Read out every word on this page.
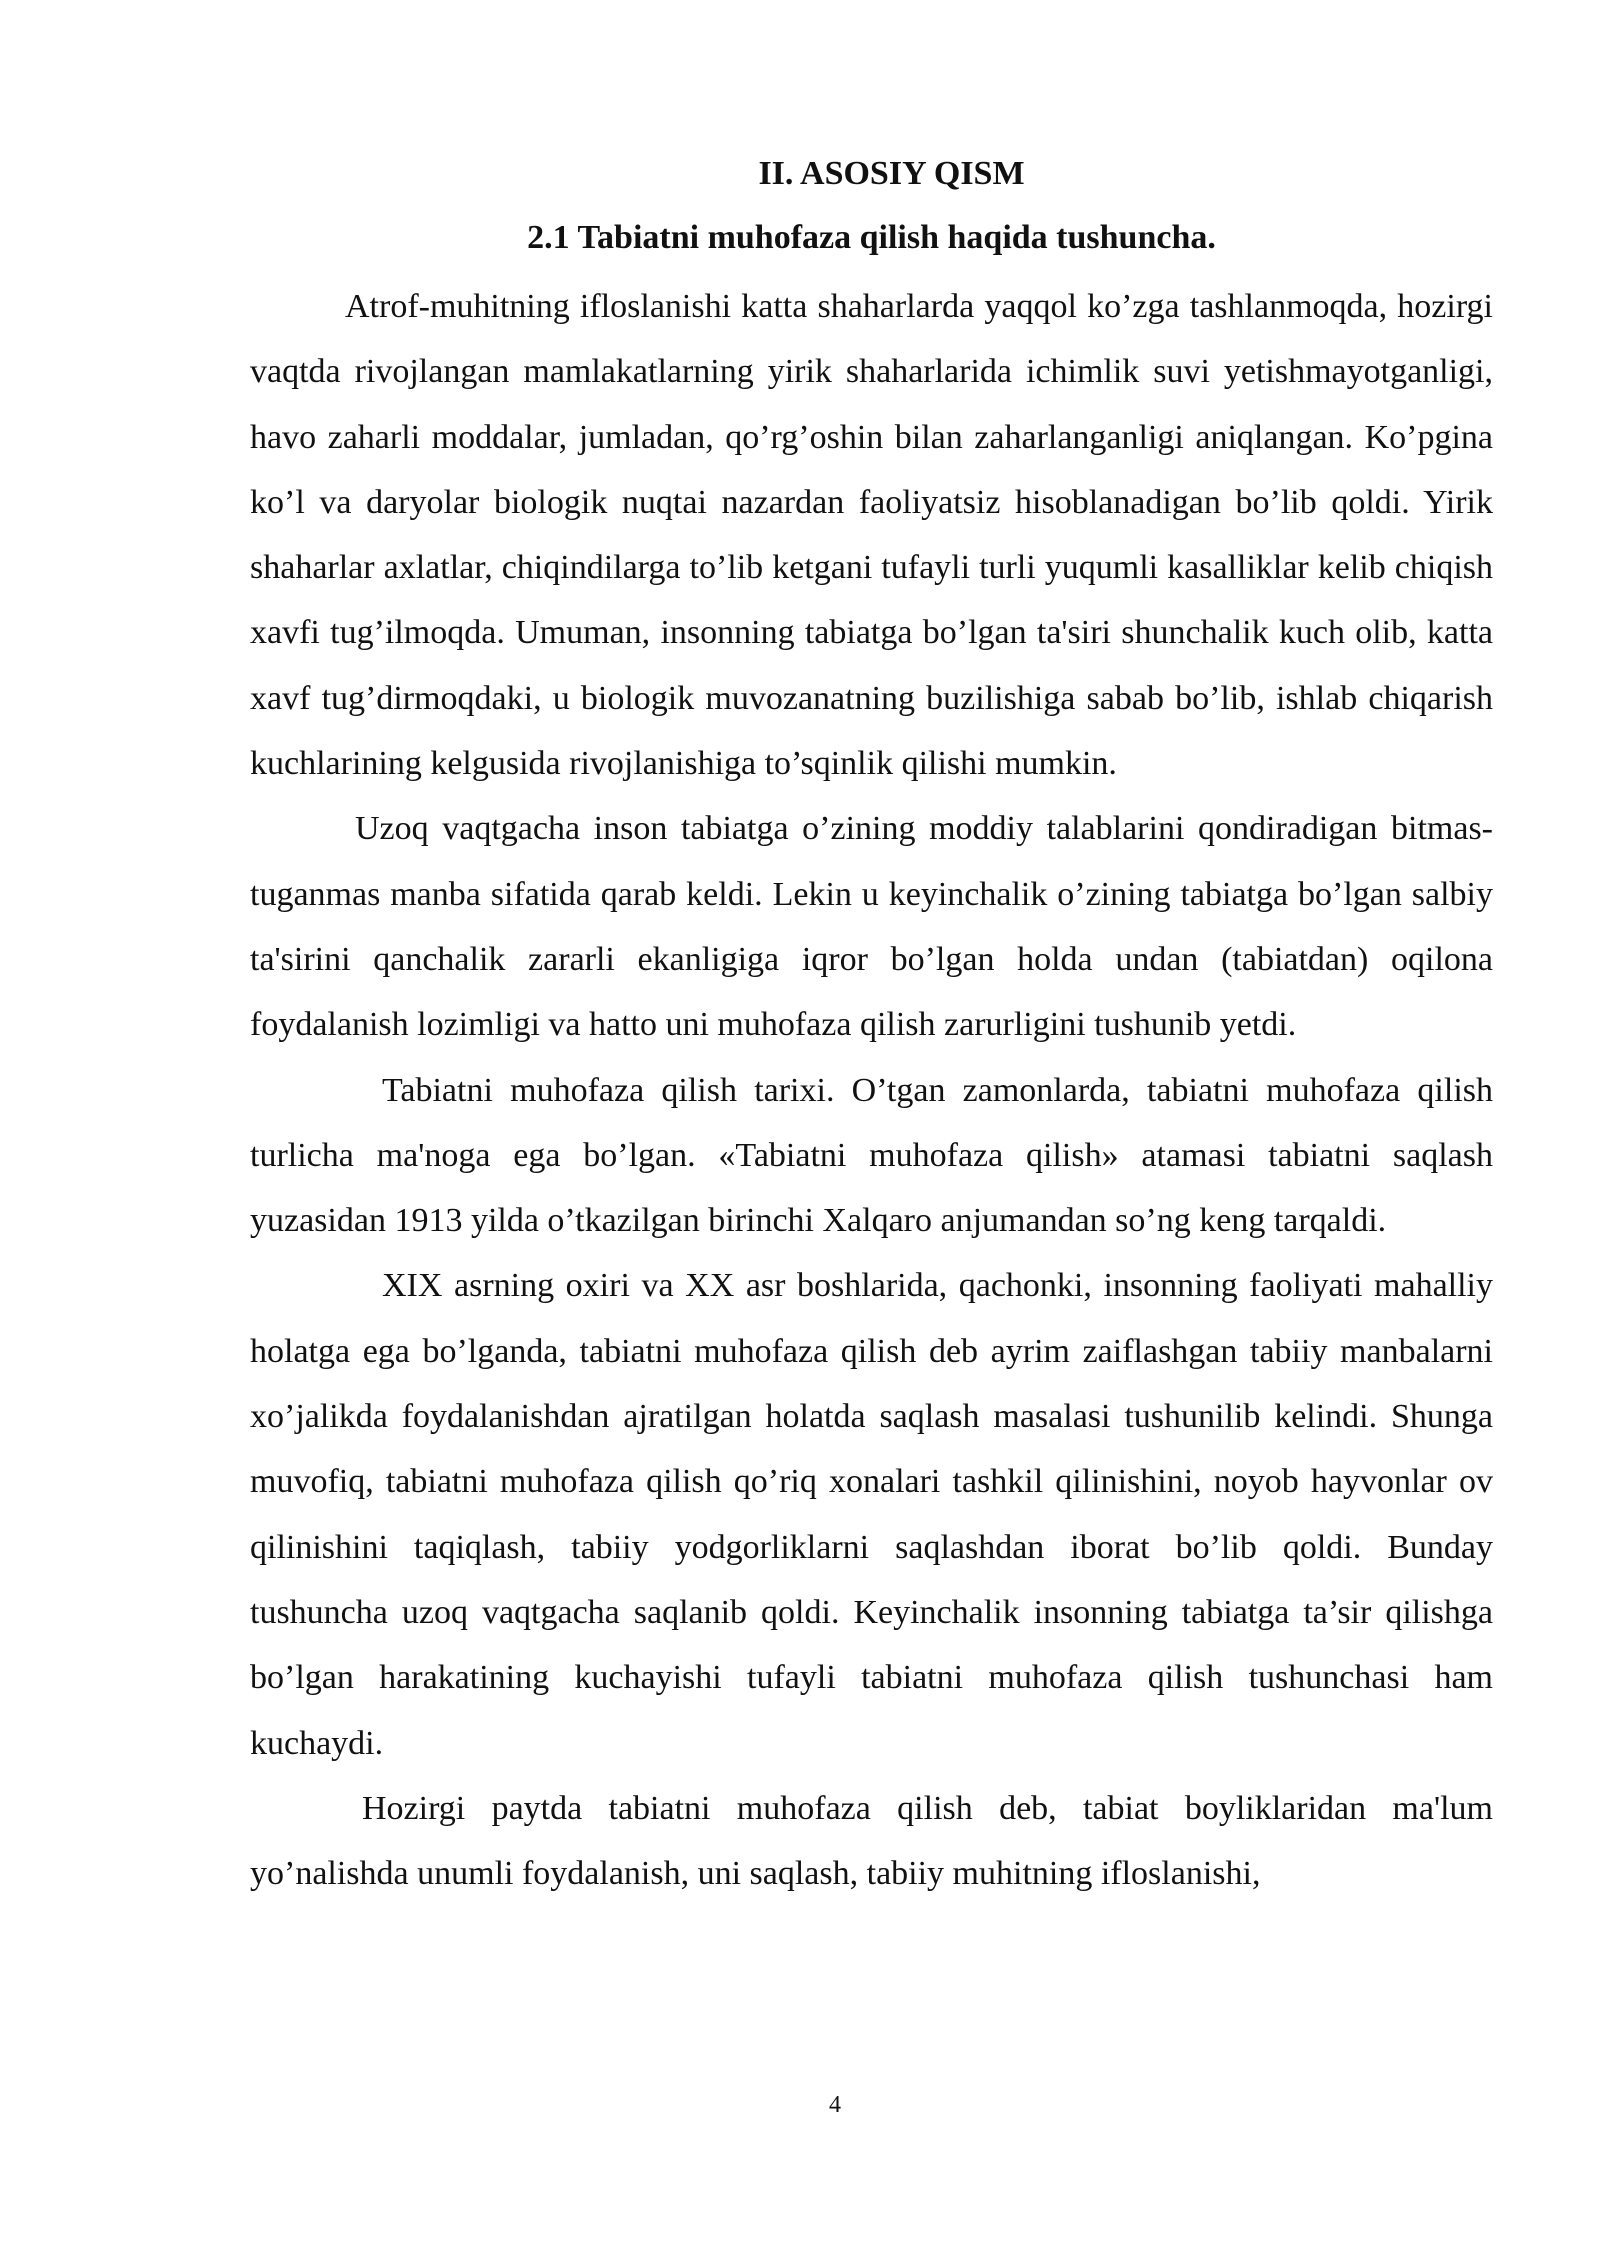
II. ASOSIY QISM
2.1 Tabiatni muhofaza qilish haqida tushuncha.

Atrof-muhitning ifloslanishi katta shaharlarda yaqqol ko’zga tashlanmoqda, hozirgi vaqtda rivojlangan mamlakatlarning yirik shaharlarida ichimlik suvi yetishmayotganligi, havo zaharli moddalar, jumladan, qo’rg’oshin bilan zaharlanganligi aniqlangan. Ko’pgina ko’l va daryolar biologik nuqtai nazardan faoliyatsiz hisoblanadigan bo’lib qoldi. Yirik shaharlar axlatlar, chiqindilarga to’lib ketgani tufayli turli yuqumli kasalliklar kelib chiqish xavfi tug’ilmoqda. Umuman, insonning tabiatga bo’lgan ta'siri shunchalik kuch olib, katta xavf tug’dirmoqdaki, u biologik muvozanatning buzilishiga sabab bo’lib, ishlab chiqarish kuchlarining kelgusida rivojlanishiga to’sqinlik qilishi mumkin.

Uzoq vaqtgacha inson tabiatga o’zining moddiy talablarini qondiradigan bitmas-tuganmas manba sifatida qarab keldi. Lekin u keyinchalik o’zining tabiatga bo’lgan salbiy ta'sirini qanchalik zararli ekanligiga iqror bo’lgan holda undan (tabiatdan) oqilona foydalanish lozimligi va hatto uni muhofaza qilish zarurligini tushunib yetdi.

Tabiatni muhofaza qilish tarixi. O’tgan zamonlarda, tabiatni muhofaza qilish turlicha ma'noga ega bo’lgan. «Tabiatni muhofaza qilish» atamasi tabiatni saqlash yuzasidan 1913 yilda o’tkazilgan birinchi Xalqaro anjumandan so’ng keng tarqaldi.

XIX asrning oxiri va XX asr boshlarida, qachonki, insonning faoliyati mahalliy holatga ega bo’lganda, tabiatni muhofaza qilish deb ayrim zaiflashgan tabiiy manbalarni xo’jalikda foydalanishdan ajratilgan holatda saqlash masalasi tushunilib kelindi. Shunga muvofiq, tabiatni muhofaza qilish qo’riq xonalari tashkil qilinishini, noyob hayvonlar ov qilinishini taqiqlash, tabiiy yodgorliklarni saqlashdan iborat bo’lib qoldi. Bunday tushuncha uzoq vaqtgacha saqlanib qoldi. Keyinchalik insonning tabiatga ta’sir qilishga bo’lgan harakatining kuchayishi tufayli tabiatni muhofaza qilish tushunchasi ham kuchaydi.

Hozirgi paytda tabiatni muhofaza qilish deb, tabiat boyliklaridan ma'lum yo’nalishda unumli foydalanish, uni saqlash, tabiiy muhitning ifloslanishi,

4
